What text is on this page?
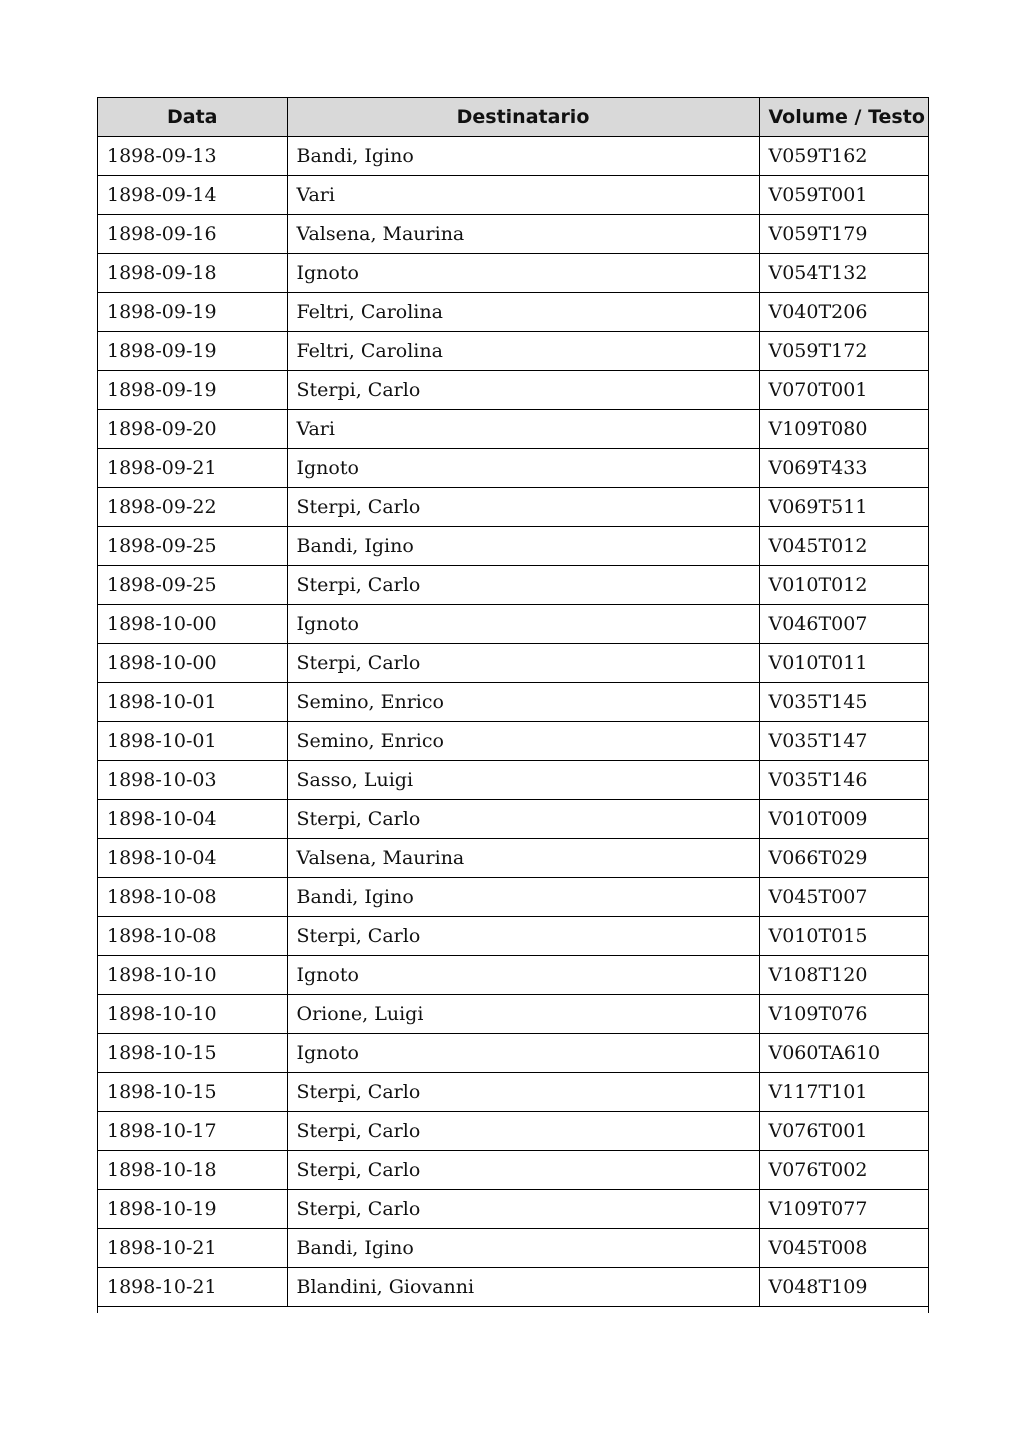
Data	Destinatario	Volume / Testo
1898-09-13	Bandi, Igino	V059T162
1898-09-14	Vari	V059T001
1898-09-16	Valsena, Maurina	V059T179
1898-09-18	Ignoto	V054T132
1898-09-19	Feltri, Carolina	V040T206
1898-09-19	Feltri, Carolina	V059T172
1898-09-19	Sterpi, Carlo	V070T001
1898-09-20	Vari	V109T080
1898-09-21	Ignoto	V069T433
1898-09-22	Sterpi, Carlo	V069T511
1898-09-25	Bandi, Igino	V045T012
1898-09-25	Sterpi, Carlo	V010T012
1898-10-00	Ignoto	V046T007
1898-10-00	Sterpi, Carlo	V010T011
1898-10-01	Semino, Enrico	V035T145
1898-10-01	Semino, Enrico	V035T147
1898-10-03	Sasso, Luigi	V035T146
1898-10-04	Sterpi, Carlo	V010T009
1898-10-04	Valsena, Maurina	V066T029
1898-10-08	Bandi, Igino	V045T007
1898-10-08	Sterpi, Carlo	V010T015
1898-10-10	Ignoto	V108T120
1898-10-10	Orione, Luigi	V109T076
1898-10-15	Ignoto	V060TA610
1898-10-15	Sterpi, Carlo	V117T101
1898-10-17	Sterpi, Carlo	V076T001
1898-10-18	Sterpi, Carlo	V076T002
1898-10-19	Sterpi, Carlo	V109T077
1898-10-21	Bandi, Igino	V045T008
1898-10-21	Blandini, Giovanni	V048T109
